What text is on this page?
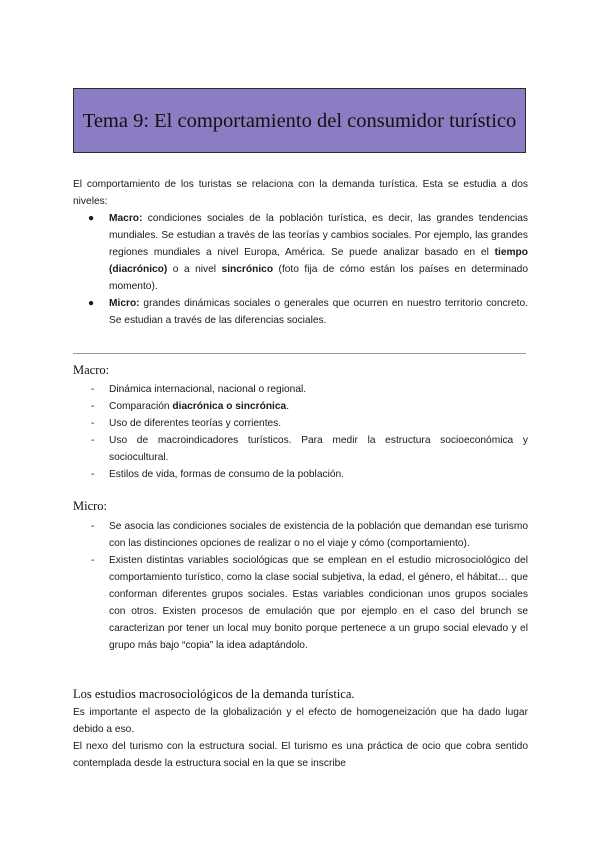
Tema 9: El comportamiento del consumidor turístico

El comportamiento de los turistas se relaciona con la demanda turística. Esta se estudia a dos niveles:

● Macro: condiciones sociales de la población turística, es decir, las grandes tendencias mundiales. Se estudian a través de las teorías y cambios sociales. Por ejemplo, las grandes regiones mundiales a nivel Europa, América. Se puede analizar basado en el tiempo (diacrónico) o a nivel sincrónico (foto fija de cómo están los países en determinado momento).
● Micro: grandes dinámicas sociales o generales que ocurren en nuestro territorio concreto. Se estudian a través de las diferencias sociales.
Macro:
- Dinámica internacional, nacional o regional.
- Comparación diacrónica o sincrónica.
- Uso de diferentes teorías y corrientes.
- Uso de macroindicadores turísticos. Para medir la estructura socioeconómica y sociocultural.
- Estilos de vida, formas de consumo de la población.
Micro:
- Se asocia las condiciones sociales de existencia de la población que demandan ese turismo con las distinciones opciones de realizar o no el viaje y cómo (comportamiento).
- Existen distintas variables sociológicas que se emplean en el estudio microsociológico del comportamiento turístico, como la clase social subjetiva, la edad, el género, el hábitat… que conforman diferentes grupos sociales. Estas variables condicionan unos grupos sociales con otros. Existen procesos de emulación que por ejemplo en el caso del brunch se caracterizan por tener un local muy bonito porque pertenece a un grupo social elevado y el grupo más bajo “copia” la idea adaptándolo.
Los estudios macrosociológicos de la demanda turística.

Es importante el aspecto de la globalización y el efecto de homogeneización que ha dado lugar debido a eso.

El nexo del turismo con la estructura social. El turismo es una práctica de ocio que cobra sentido contemplada desde la estructura social en la que se inscribe
